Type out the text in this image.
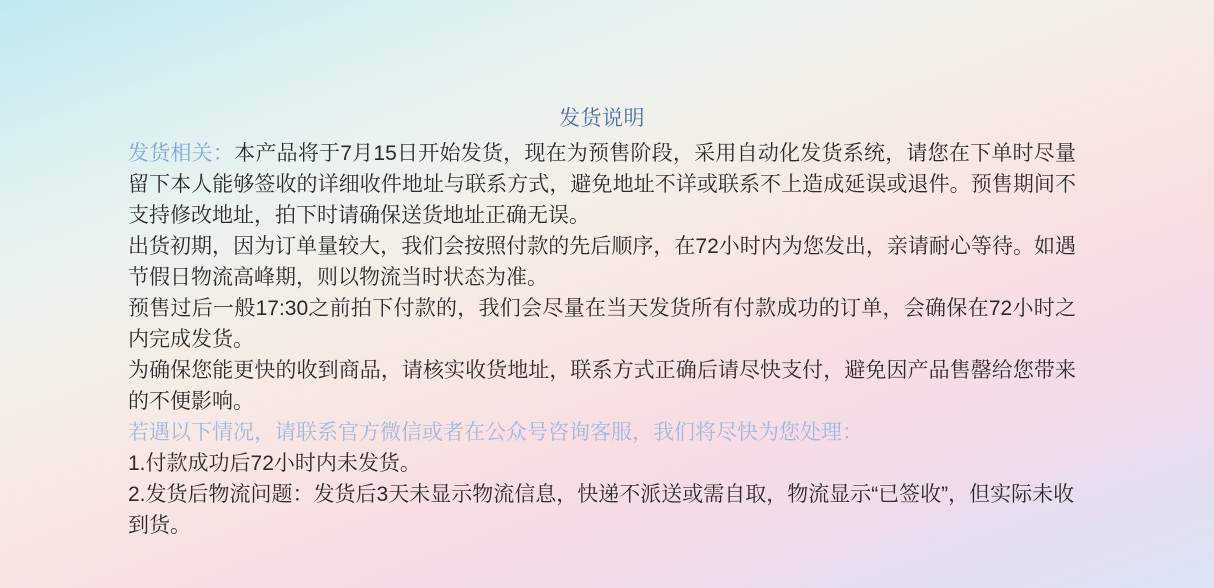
发货说明

发货相关：本产品将于7月15日开始发货，现在为预售阶段，采用自动化发货系统，请您在下单时尽量留下本人能够签收的详细收件地址与联系方式，避免地址不详或联系不上造成延误或退件。预售期间不支持修改地址，拍下时请确保送货地址正确无误。

出货初期，因为订单量较大，我们会按照付款的先后顺序，在72小时内为您发出，亲请耐心等待。如遇节假日物流高峰期，则以物流当时状态为准。

预售过后一般17:30之前拍下付款的，我们会尽量在当天发货所有付款成功的订单，会确保在72小时之内完成发货。

为确保您能更快的收到商品，请核实收货地址，联系方式正确后请尽快支付，避免因产品售罄给您带来的不便影响。

若遇以下情况，请联系官方微信或者在公众号咨询客服，我们将尽快为您处理：

1.付款成功后72小时内未发货。

2.发货后物流问题：发货后3天未显示物流信息，快递不派送或需自取，物流显示“已签收”，但实际未收到货。
